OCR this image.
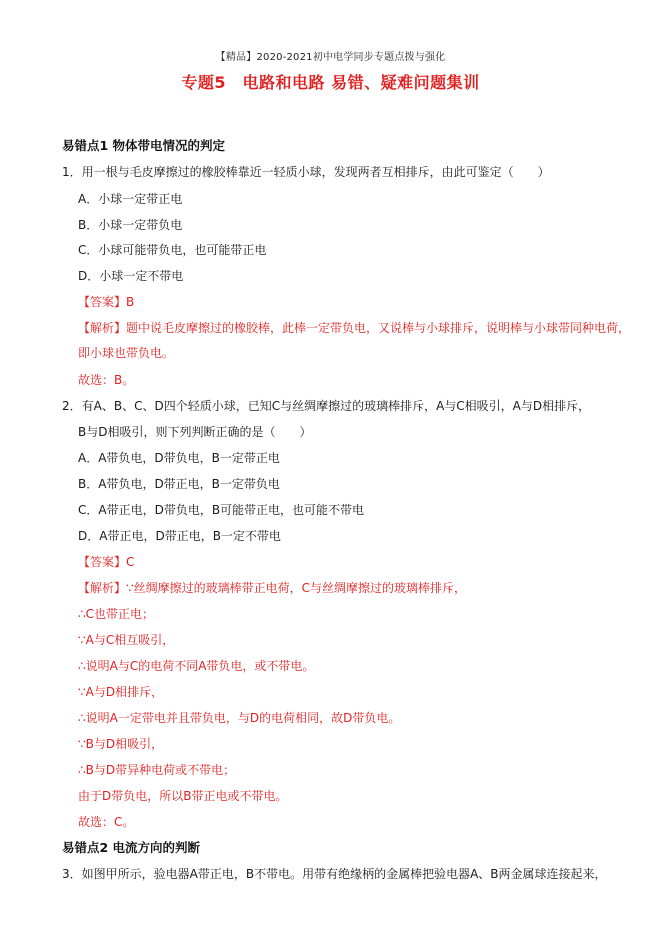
【精品】2020-2021初中电学同步专题点拨与强化
专题5　电路和电路 易错、疑难问题集训
易错点1 物体带电情况的判定
1．用一根与毛皮摩擦过的橡胶棒靠近一轻质小球，发现两者互相排斥，由此可鉴定（　　）
A．小球一定带正电
B．小球一定带负电
C．小球可能带负电，也可能带正电
D．小球一定不带电
【答案】B
【解析】题中说毛皮摩擦过的橡胶棒，此棒一定带负电，又说棒与小球排斥，说明棒与小球带同种电荷，
即小球也带负电。
故选：B。
2．有A、B、C、D四个轻质小球，已知C与丝绸摩擦过的玻璃棒排斥，A与C相吸引，A与D相排斥，
B与D相吸引，则下列判断正确的是（　　）
A．A带负电，D带负电，B一定带正电
B．A带负电，D带正电，B一定带负电
C．A带正电，D带负电，B可能带正电，也可能不带电
D．A带正电，D带正电，B一定不带电
【答案】C
【解析】∵丝绸摩擦过的玻璃棒带正电荷，C与丝绸摩擦过的玻璃棒排斥，
∴C也带正电；
∵A与C相互吸引，
∴说明A与C的电荷不同A带负电，或不带电。
∵A与D相排斥，
∴说明A一定带电并且带负电，与D的电荷相同，故D带负电。
∵B与D相吸引，
∴B与D带异种电荷或不带电；
由于D带负电，所以B带正电或不带电。
故选：C。
易错点2 电流方向的判断
3．如图甲所示，验电器A带正电，B不带电。用带有绝缘柄的金属棒把验电器A、B两金属球连接起来，
